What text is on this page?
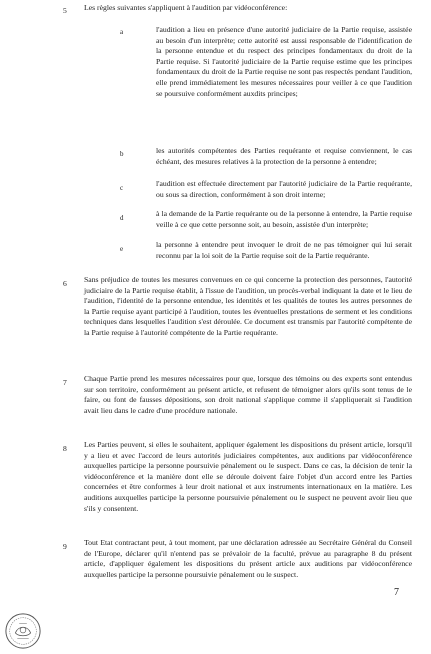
5 Les règles suivantes s'appliquent à l'audition par vidéoconférence:
a	l'audition a lieu en présence d'une autorité judiciaire de la Partie requise, assistée au besoin d'un interprète; cette autorité est aussi responsable de l'identification de la personne entendue et du respect des principes fondamentaux du droit de la Partie requise. Si l'autorité judiciaire de la Partie requise estime que les principes fondamentaux du droit de la Partie requise ne sont pas respectés pendant l'audition, elle prend immédiatement les mesures nécessaires pour veiller à ce que l'audition se poursuive conformément auxdits principes;
b	les autorités compétentes des Parties requérante et requise conviennent, le cas échéant, des mesures relatives à la protection de la personne à entendre;
c	l'audition est effectuée directement par l'autorité judiciaire de la Partie requérante, ou sous sa direction, conformément à son droit interne;
d	à la demande de la Partie requérante ou de la personne à entendre, la Partie requise veille à ce que cette personne soit, au besoin, assistée d'un interprète;
e	la personne à entendre peut invoquer le droit de ne pas témoigner qui lui serait reconnu par la loi soit de la Partie requise soit de la Partie requérante.
6 Sans préjudice de toutes les mesures convenues en ce qui concerne la protection des personnes, l'autorité judiciaire de la Partie requise établit, à l'issue de l'audition, un procès-verbal indiquant la date et le lieu de l'audition, l'identité de la personne entendue, les identités et les qualités de toutes les autres personnes de la Partie requise ayant participé à l'audition, toutes les éventuelles prestations de serment et les conditions techniques dans lesquelles l'audition s'est déroulée. Ce document est transmis par l'autorité compétente de la Partie requise à l'autorité compétente de la Partie requérante.
7 Chaque Partie prend les mesures nécessaires pour que, lorsque des témoins ou des experts sont entendus sur son territoire, conformément au présent article, et refusent de témoigner alors qu'ils sont tenus de le faire, ou font de fausses dépositions, son droit national s'applique comme il s'appliquerait si l'audition avait lieu dans le cadre d'une procédure nationale.
8 Les Parties peuvent, si elles le souhaitent, appliquer également les dispositions du présent article, lorsqu'il y a lieu et avec l'accord de leurs autorités judiciaires compétentes, aux auditions par vidéoconférence auxquelles participe la personne poursuivie pénalement ou le suspect. Dans ce cas, la décision de tenir la vidéoconférence et la manière dont elle se déroule doivent faire l'objet d'un accord entre les Parties concernées et être conformes à leur droit national et aux instruments internationaux en la matière. Les auditions auxquelles participe la personne poursuivie pénalement ou le suspect ne peuvent avoir lieu que s'ils y consentent.
9 Tout Etat contractant peut, à tout moment, par une déclaration adressée au Secrétaire Général du Conseil de l'Europe, déclarer qu'il n'entend pas se prévaloir de la faculté, prévue au paragraphe 8 du présent article, d'appliquer également les dispositions du présent article aux auditions par vidéoconférence auxquelles participe la personne poursuivie pénalement ou le suspect.
7
